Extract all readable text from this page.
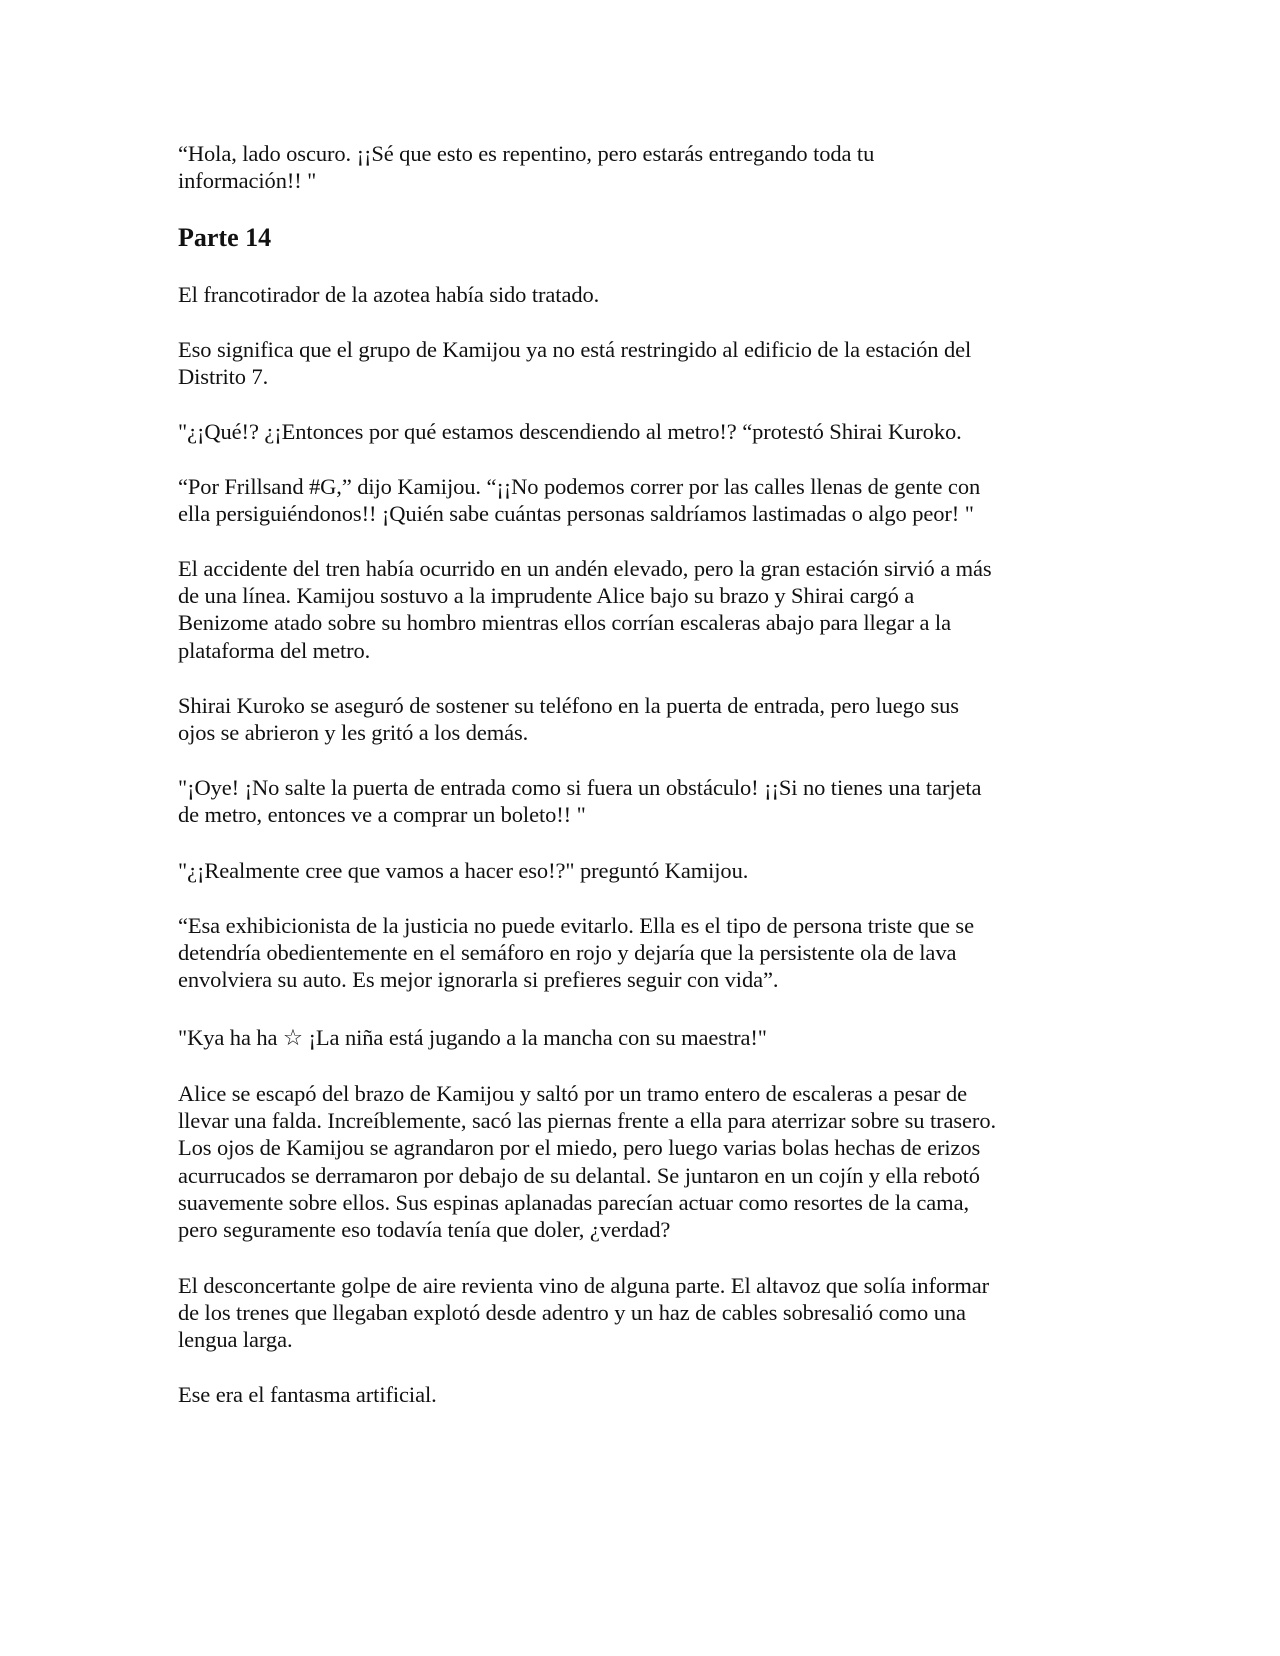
“Hola, lado oscuro. ¡¡Sé que esto es repentino, pero estarás entregando toda tu
información!! "
Parte 14
El francotirador de la azotea había sido tratado.
Eso significa que el grupo de Kamijou ya no está restringido al edificio de la estación del
Distrito 7.
"¿¡Qué!? ¿¡Entonces por qué estamos descendiendo al metro!? “protestó Shirai Kuroko.
“Por Frillsand #G,” dijo Kamijou. “¡¡No podemos correr por las calles llenas de gente con
ella persiguiéndonos!! ¡Quién sabe cuántas personas saldríamos lastimadas o algo peor! "
El accidente del tren había ocurrido en un andén elevado, pero la gran estación sirvió a más
de una línea. Kamijou sostuvo a la imprudente Alice bajo su brazo y Shirai cargó a
Benizome atado sobre su hombro mientras ellos corrían escaleras abajo para llegar a la
plataforma del metro.
Shirai Kuroko se aseguró de sostener su teléfono en la puerta de entrada, pero luego sus
ojos se abrieron y les gritó a los demás.
"¡Oye! ¡No salte la puerta de entrada como si fuera un obstáculo! ¡¡Si no tienes una tarjeta
de metro, entonces ve a comprar un boleto!! "
"¿¡Realmente cree que vamos a hacer eso!?" preguntó Kamijou.
“Esa exhibicionista de la justicia no puede evitarlo. Ella es el tipo de persona triste que se
detendría obedientemente en el semáforo en rojo y dejaría que la persistente ola de lava
envolviera su auto. Es mejor ignorarla si prefieres seguir con vida”.
"Kya ha ha ☆ ¡La niña está jugando a la mancha con su maestra!"
Alice se escapó del brazo de Kamijou y saltó por un tramo entero de escaleras a pesar de
llevar una falda. Increíblemente, sacó las piernas frente a ella para aterrizar sobre su trasero.
Los ojos de Kamijou se agrandaron por el miedo, pero luego varias bolas hechas de erizos
acurrucados se derramaron por debajo de su delantal. Se juntaron en un cojín y ella rebotó
suavemente sobre ellos. Sus espinas aplanadas parecían actuar como resortes de la cama,
pero seguramente eso todavía tenía que doler, ¿verdad?
El desconcertante golpe de aire revienta vino de alguna parte. El altavoz que solía informar
de los trenes que llegaban explotó desde adentro y un haz de cables sobresalió como una
lengua larga.
Ese era el fantasma artificial.
